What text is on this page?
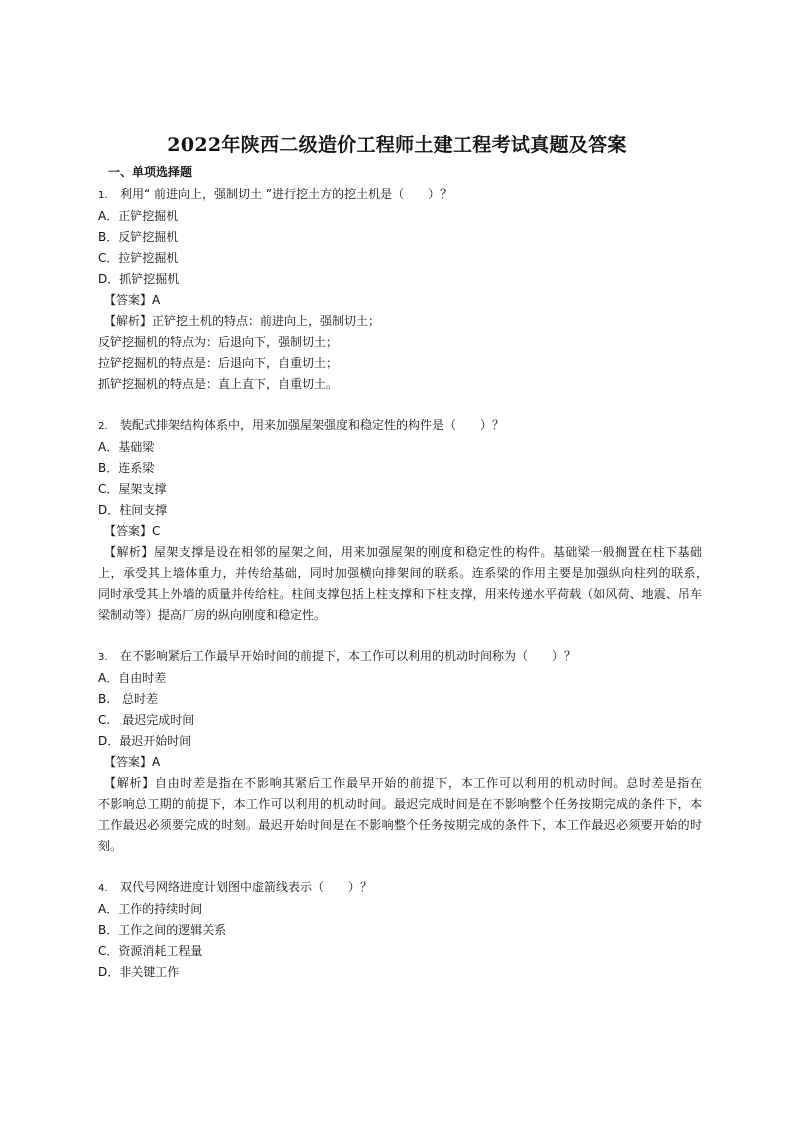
2022年陕西二级造价工程师土建工程考试真题及答案
一、单项选择题
1. 利用“ 前进向上，强制切土 ”进行挖土方的挖土机是（　　）？
A．正铲挖掘机
B．反铲挖掘机
C．拉铲挖掘机
D．抓铲挖掘机
【答案】A
【解析】正铲挖土机的特点：前进向上，强制切土；
反铲挖掘机的特点为：后退向下，强制切土；
拉铲挖掘机的特点是：后退向下，自重切土；
抓铲挖掘机的特点是：直上直下，自重切土。
2. 装配式排架结构体系中，用来加强屋架强度和稳定性的构件是（　　）？
A．基础梁
B．连系梁
C．屋架支撑
D．柱间支撑
【答案】C
【解析】屋架支撑是设在相邻的屋架之间，用来加强屋架的刚度和稳定性的构件。基础梁一般搁置在柱下基础上，承受其上墙体重力，并传给基础，同时加强横向排架间的联系。连系梁的作用主要是加强纵向柱列的联系，　　同时承受其上外墙的质量并传给柱。柱间支撑包括上柱支撑和下柱支撑，用来传递水平荷载（如风荷、地震、吊车梁制动等）提高厂房的纵向刚度和稳定性。
3. 在不影响紧后工作最早开始时间的前提下，本工作可以利用的机动时间称为（　　）？
A．自由时差
B.　总时差
C.　最迟完成时间
D．最迟开始时间
【答案】A
【解析】自由时差是指在不影响其紧后工作最早开始的前提下，本工作可以利用的机动时间。总时差是指在　　　不影响总工期的前提下，本工作可以利用的机动时间。最迟完成时间是在不影响整个任务按期完成的条件下，本　　工作最迟必须要完成的时刻。最迟开始时间是在不影响整个任务按期完成的条件下，本工作最迟必须要开始的时　　刻。
4. 双代号网络进度计划图中虚箭线表示（　　）？
A．工作的持续时间
B．工作之间的逻辑关系
C．资源消耗工程量
D．非关键工作
